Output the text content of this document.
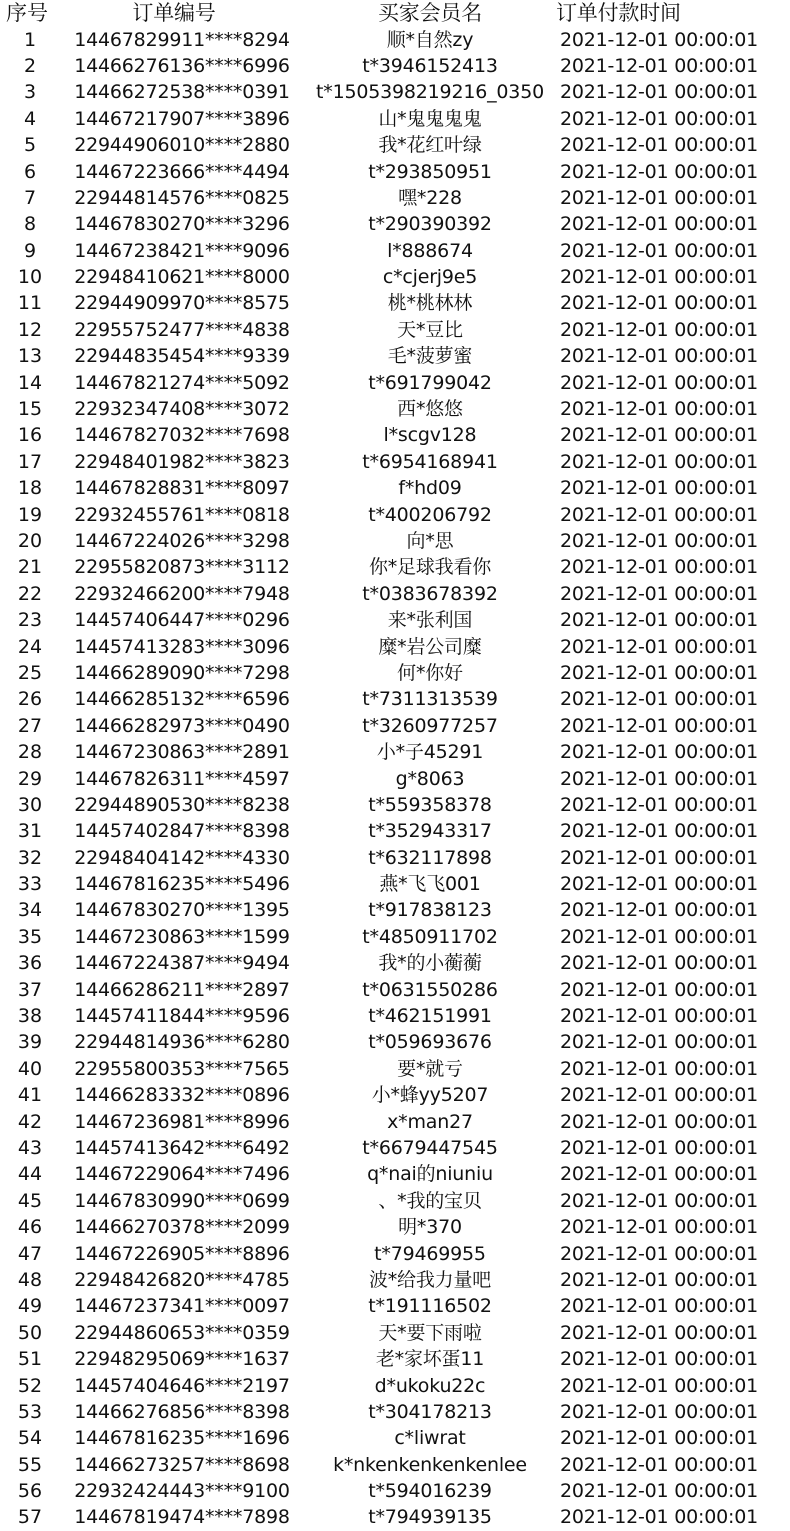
序号	订单编号	买家会员名	订单付款时间
1	14467829911****8294	顺*自然zy	2021-12-01 00:00:01
2	14466276136****6996	t*3946152413	2021-12-01 00:00:01
3	14466272538****0391	t*1505398219216_0350	2021-12-01 00:00:01
4	14467217907****3896	山*鬼鬼鬼鬼	2021-12-01 00:00:01
5	22944906010****2880	我*花红叶绿	2021-12-01 00:00:01
6	14467223666****4494	t*293850951	2021-12-01 00:00:01
7	22944814576****0825	嘿*228	2021-12-01 00:00:01
8	14467830270****3296	t*290390392	2021-12-01 00:00:01
9	14467238421****9096	l*888674	2021-12-01 00:00:01
10	22948410621****8000	c*cjerj9e5	2021-12-01 00:00:01
11	22944909970****8575	桃*桃林林	2021-12-01 00:00:01
12	22955752477****4838	天*豆比	2021-12-01 00:00:01
13	22944835454****9339	毛*菠萝蜜	2021-12-01 00:00:01
14	14467821274****5092	t*691799042	2021-12-01 00:00:01
15	22932347408****3072	西*悠悠	2021-12-01 00:00:01
16	14467827032****7698	l*scgv128	2021-12-01 00:00:01
17	22948401982****3823	t*6954168941	2021-12-01 00:00:01
18	14467828831****8097	f*hd09	2021-12-01 00:00:01
19	22932455761****0818	t*400206792	2021-12-01 00:00:01
20	14467224026****3298	向*思	2021-12-01 00:00:01
21	22955820873****3112	你*足球我看你	2021-12-01 00:00:01
22	22932466200****7948	t*0383678392	2021-12-01 00:00:01
23	14457406447****0296	来*张利国	2021-12-01 00:00:01
24	14457413283****3096	糜*岩公司糜	2021-12-01 00:00:01
25	14466289090****7298	何*你好	2021-12-01 00:00:01
26	14466285132****6596	t*7311313539	2021-12-01 00:00:01
27	14466282973****0490	t*3260977257	2021-12-01 00:00:01
28	14467230863****2891	小*子45291	2021-12-01 00:00:01
29	14467826311****4597	g*8063	2021-12-01 00:00:01
30	22944890530****8238	t*559358378	2021-12-01 00:00:01
31	14457402847****8398	t*352943317	2021-12-01 00:00:01
32	22948404142****4330	t*632117898	2021-12-01 00:00:01
33	14467816235****5496	燕*飞飞001	2021-12-01 00:00:01
34	14467830270****1395	t*917838123	2021-12-01 00:00:01
35	14467230863****1599	t*4850911702	2021-12-01 00:00:01
36	14467224387****9494	我*的小蘅蘅	2021-12-01 00:00:01
37	14466286211****2897	t*0631550286	2021-12-01 00:00:01
38	14457411844****9596	t*462151991	2021-12-01 00:00:01
39	22944814936****6280	t*059693676	2021-12-01 00:00:01
40	22955800353****7565	要*就亏	2021-12-01 00:00:01
41	14466283332****0896	小*蜂yy5207	2021-12-01 00:00:01
42	14467236981****8996	x*man27	2021-12-01 00:00:01
43	14457413642****6492	t*6679447545	2021-12-01 00:00:01
44	14467229064****7496	q*nai的niuniu	2021-12-01 00:00:01
45	14467830990****0699	、*我的宝贝	2021-12-01 00:00:01
46	14466270378****2099	明*370	2021-12-01 00:00:01
47	14467226905****8896	t*79469955	2021-12-01 00:00:01
48	22948426820****4785	波*给我力量吧	2021-12-01 00:00:01
49	14467237341****0097	t*191116502	2021-12-01 00:00:01
50	22944860653****0359	天*要下雨啦	2021-12-01 00:00:01
51	22948295069****1637	老*家坏蛋11	2021-12-01 00:00:01
52	14457404646****2197	d*ukoku22c	2021-12-01 00:00:01
53	14466276856****8398	t*304178213	2021-12-01 00:00:01
54	14467816235****1696	c*liwrat	2021-12-01 00:00:01
55	14466273257****8698	k*nkenkenkenkenlee	2021-12-01 00:00:01
56	22932424443****9100	t*594016239	2021-12-01 00:00:01
57	14467819474****7898	t*794939135	2021-12-01 00:00:01
